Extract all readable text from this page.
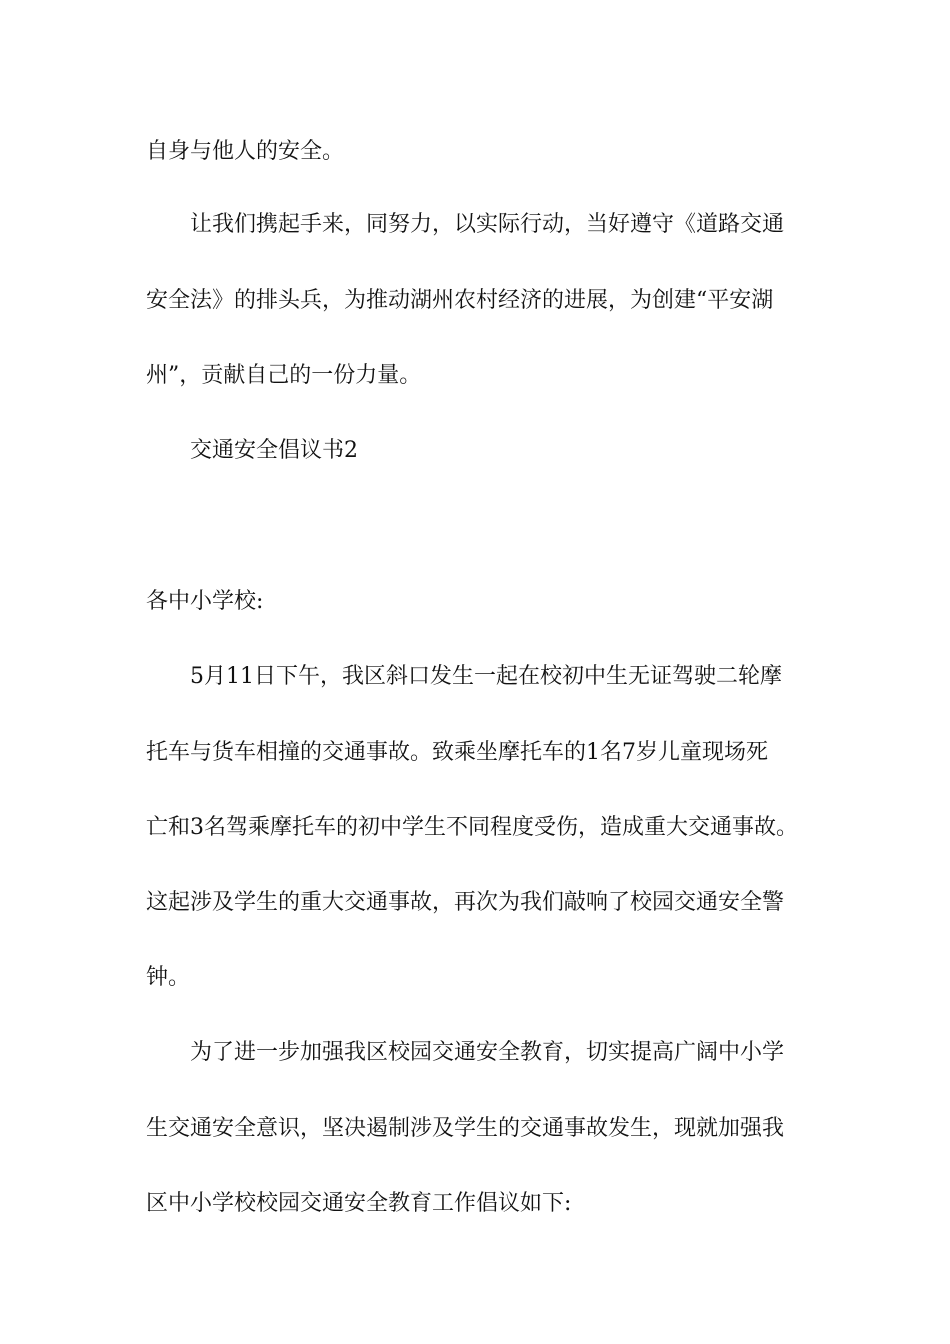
自身与他人的安全。
让我们携起手来，同努力，以实际行动，当好遵守《道路交通
安全法》的排头兵，为推动湖州农村经济的进展，为创建“平安湖
州”，贡献自己的一份力量。
交通安全倡议书2
各中小学校:
5月11日下午，我区斜口发生一起在校初中生无证驾驶二轮摩
托车与货车相撞的交通事故。致乘坐摩托车的1名7岁儿童现场死
亡和3名驾乘摩托车的初中学生不同程度受伤，造成重大交通事故。
这起涉及学生的重大交通事故，再次为我们敲响了校园交通安全警
钟。
为了进一步加强我区校园交通安全教育，切实提高广阔中小学
生交通安全意识，坚决遏制涉及学生的交通事故发生，现就加强我
区中小学校校园交通安全教育工作倡议如下:
